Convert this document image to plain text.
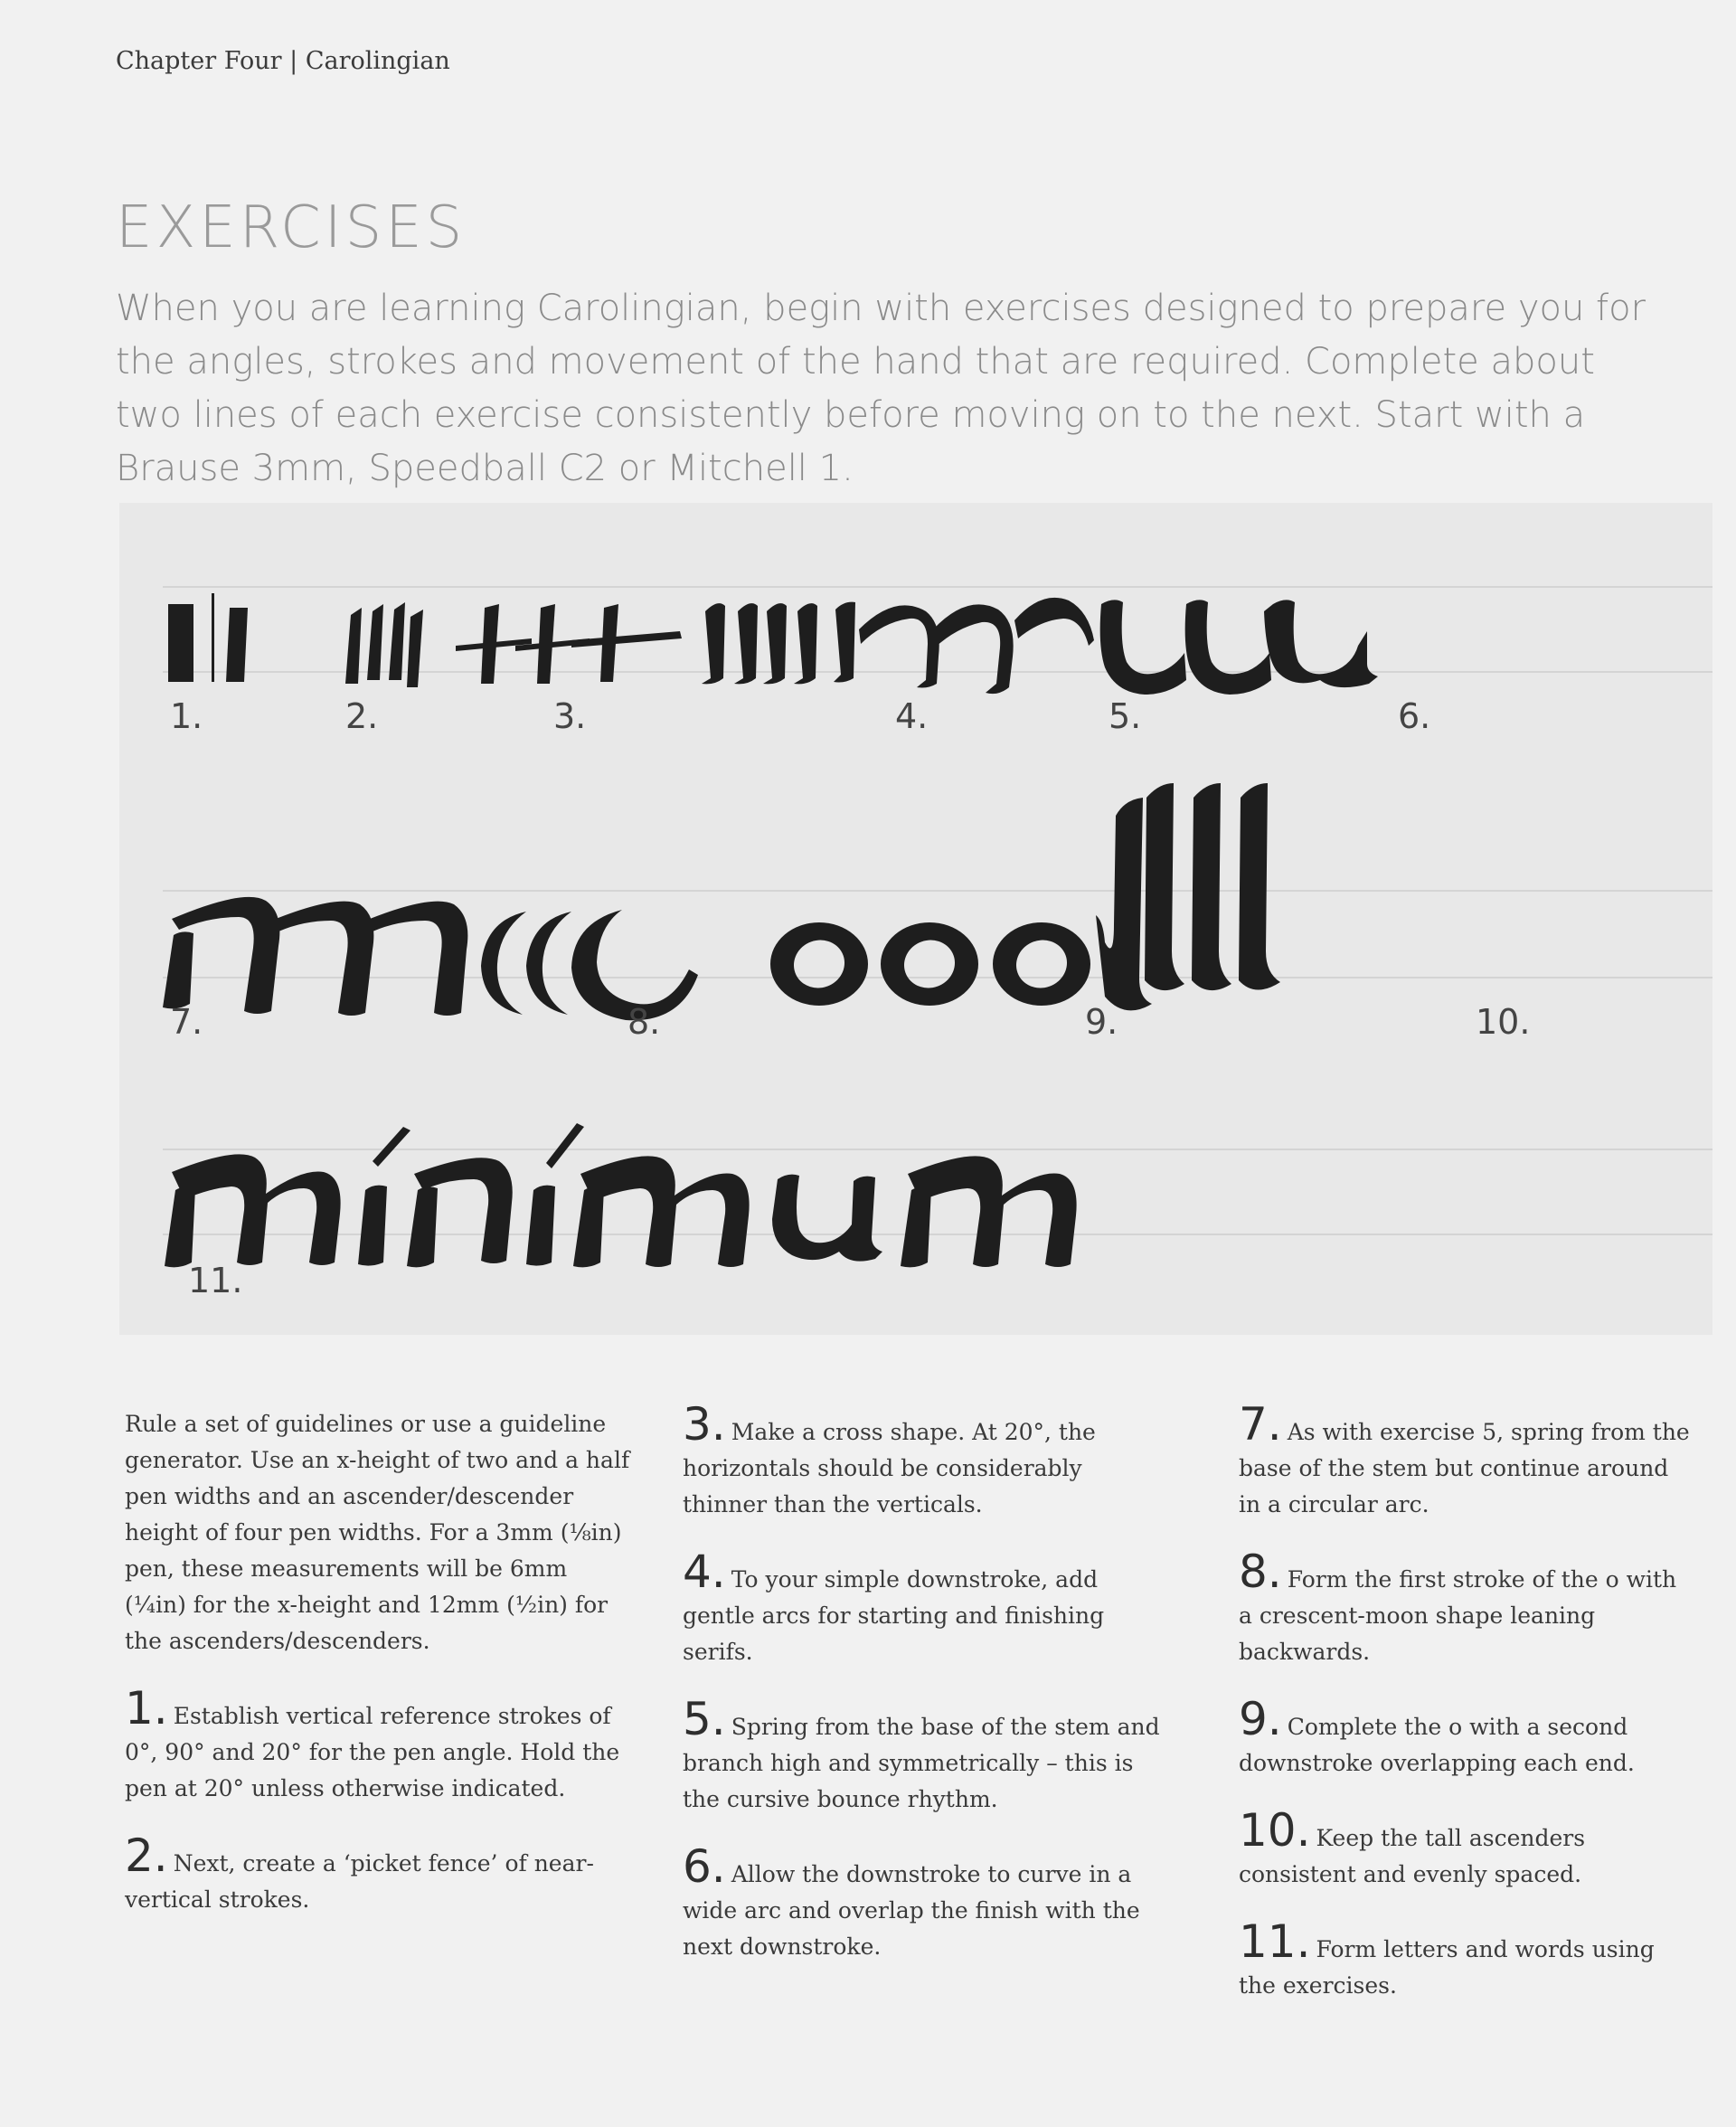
Chapter Four | Carolingian
EXERCISES
When you are learning Carolingian, begin with exercises designed to prepare you for the angles, strokes and movement of the hand that are required. Complete about two lines of each exercise consistently before moving on to the next. Start with a Brause 3mm, Speedball C2 or Mitchell 1.
1.	2.	3.	4.	5.	6.
7.	8.	9.	10.
11.

Rule a set of guidelines or use a guideline generator. Use an x-height of two and a half pen widths and an ascender/descender height of four pen widths. For a 3mm (⅛in) pen, these measurements will be 6mm (¼in) for the x-height and 12mm (½in) for the ascenders/descenders.

1. Establish vertical reference strokes of 0°, 90° and 20° for the pen angle. Hold the pen at 20° unless otherwise indicated.

2. Next, create a ‘picket fence’ of near-vertical strokes.

3. Make a cross shape. At 20°, the horizontals should be considerably thinner than the verticals.

4. To your simple downstroke, add gentle arcs for starting and finishing serifs.

5. Spring from the base of the stem and branch high and symmetrically – this is the cursive bounce rhythm.

6. Allow the downstroke to curve in a wide arc and overlap the finish with the next downstroke.

7. As with exercise 5, spring from the base of the stem but continue around in a circular arc.

8. Form the first stroke of the o with a crescent-moon shape leaning backwards.

9. Complete the o with a second downstroke overlapping each end.

10. Keep the tall ascenders consistent and evenly spaced.

11. Form letters and words using the exercises.
